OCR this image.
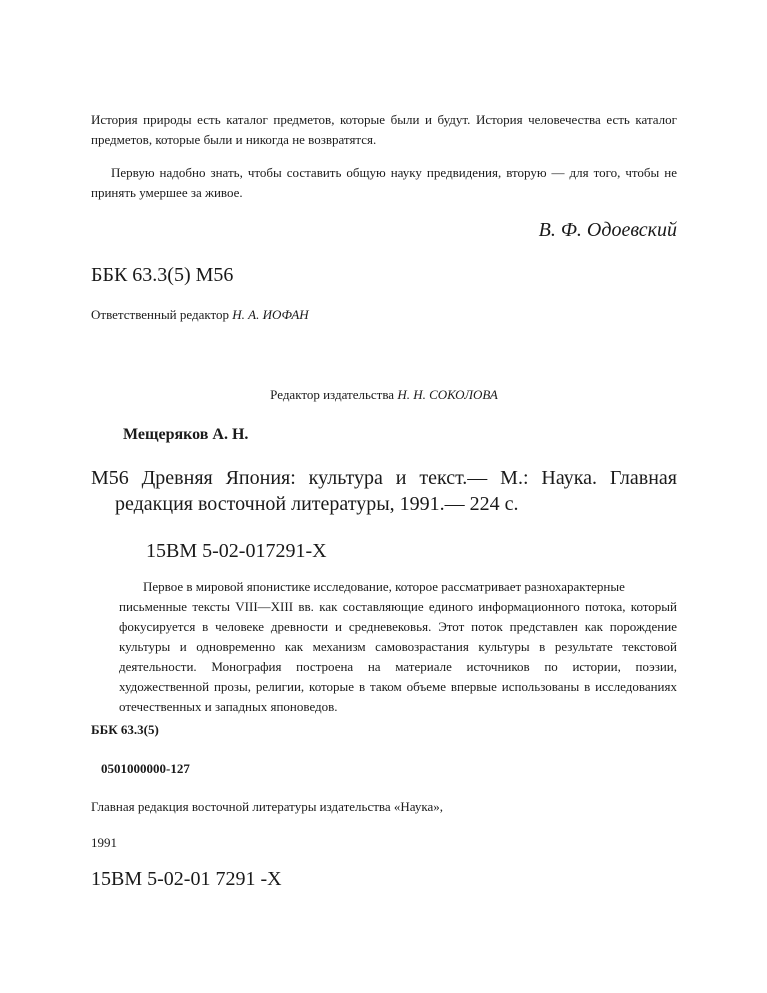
История природы есть каталог предметов, которые были и будут. История человечества есть каталог предметов, которые были и никогда не возвратятся.

Первую надобно знать, чтобы составить общую науку предвидения, вторую — для того, чтобы не принять умершее за живое.

В. Ф. Одоевский

ББК 63.3(5) М56

Ответственный редактор Н. А. ИОФАН

Редактор издательства Н. Н. СОКОЛОВА

Мещеряков А. Н.

М56 Древняя Япония: культура и текст.— М.: Наука. Главная редакция восточной литературы, 1991.— 224 с.

15ВМ 5-02-017291-Х

Первое в мировой японистике исследование, которое рассматривает разнохарактерные

письменные тексты VIII—XIII вв. как составляющие единого информационного потока, который фокусируется в человеке древности и средневековья. Этот поток представлен как порождение культуры и одновременно как механизм самовозрастания культуры в результате текстовой деятельности. Монография построена на материале источников по истории, поэзии, художественной прозы, религии, которые в таком объеме впервые использованы в исследованиях отечественных и западных японоведов.

ББК 63.3(5)

0501000000-127

Главная редакция восточной литературы издательства «Наука»,

1991

15ВМ 5-02-01 7291 -Х
